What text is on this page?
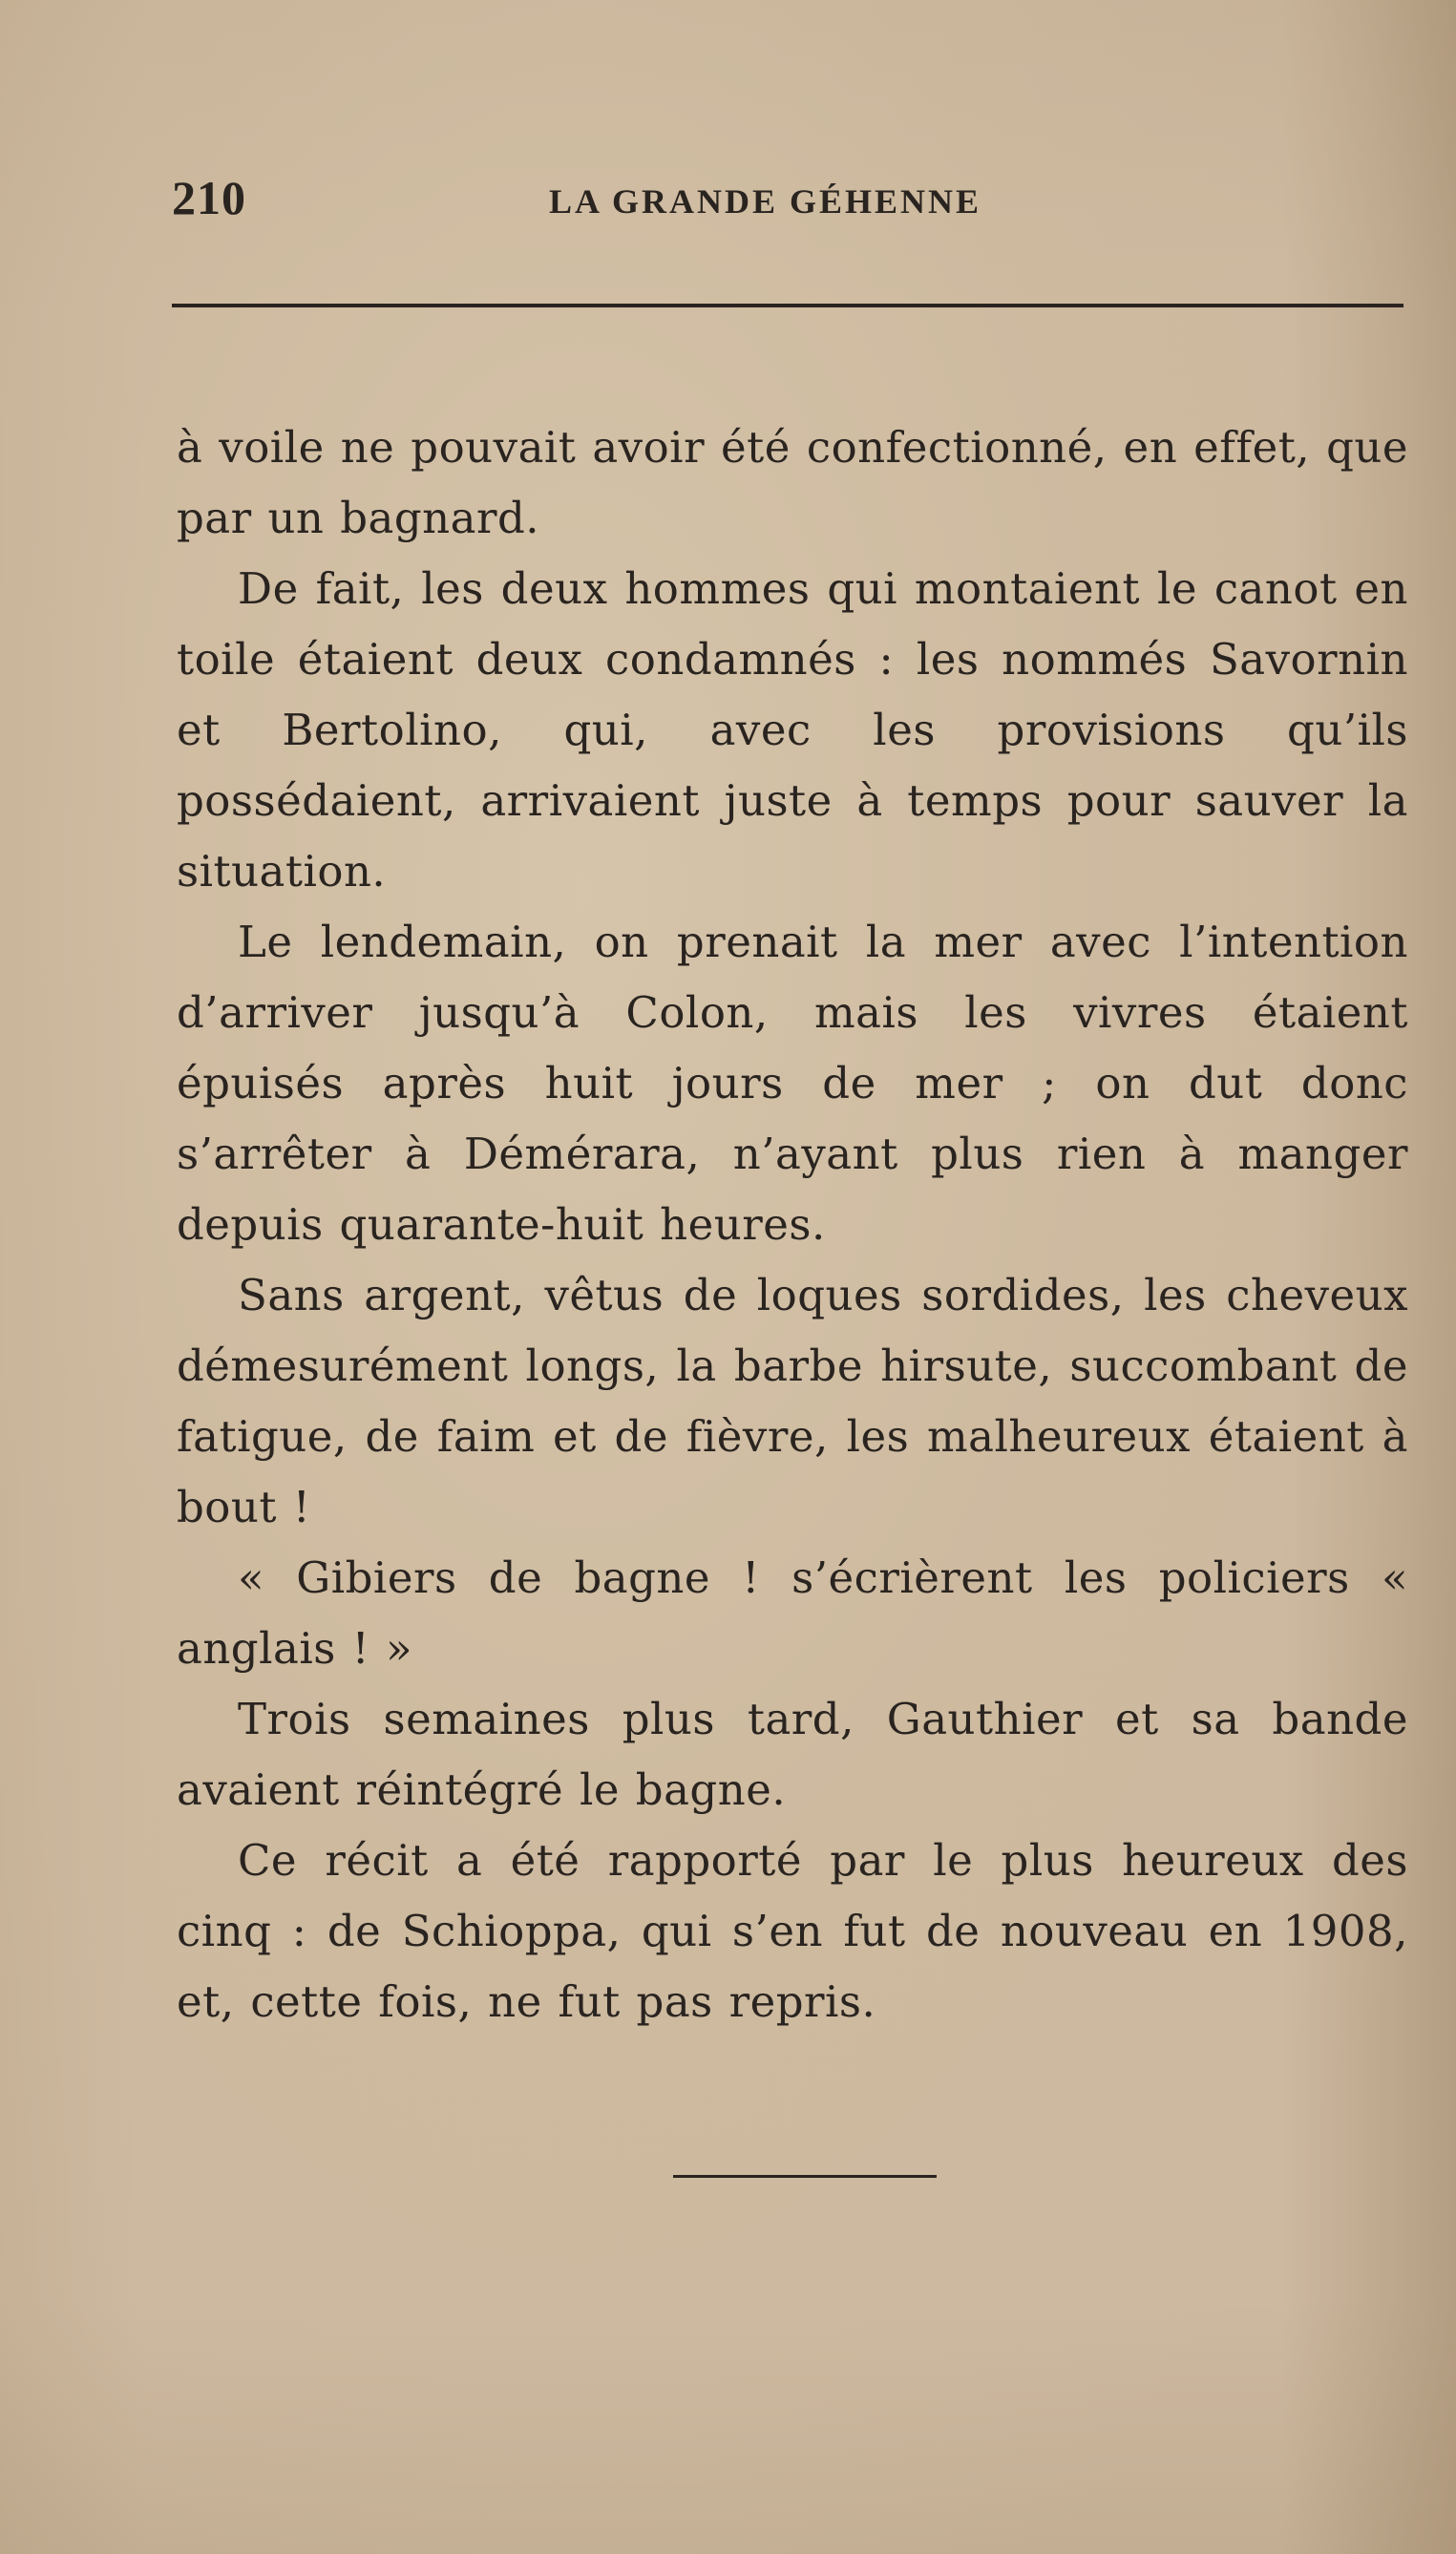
210	LA GRANDE GÉHENNE

à voile ne pouvait avoir été confectionné, en effet, que par un bagnard.

De fait, les deux hommes qui montaient le canot en toile étaient deux condamnés : les nommés Savornin et Bertolino, qui, avec les provisions qu’ils possédaient, arrivaient juste à temps pour sauver la situation.

Le lendemain, on prenait la mer avec l’intention d’arriver jusqu’à Colon, mais les vivres étaient épuisés après huit jours de mer ; on dut donc s’arrêter à Démérara, n’ayant plus rien à manger depuis quarante-huit heures.

Sans argent, vêtus de loques sordides, les cheveux démesurément longs, la barbe hirsute, succombant de fatigue, de faim et de fièvre, les malheureux étaient à bout !

« Gibiers de bagne ! s’écrièrent les policiers « anglais ! »

Trois semaines plus tard, Gauthier et sa bande avaient réintégré le bagne.

Ce récit a été rapporté par le plus heureux des cinq : de Schioppa, qui s’en fut de nouveau en 1908, et, cette fois, ne fut pas repris.
